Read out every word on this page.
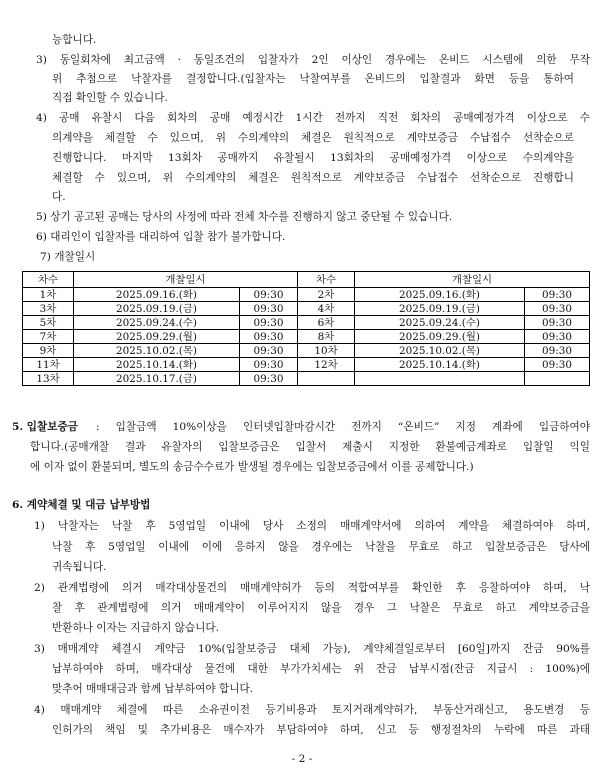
능합니다.
3) 동일회차에 최고금액 · 동일조건의 입찰자가 2인 이상인 경우에는 온비드 시스템에 의한 무작
위 추첨으로 낙찰자를 결정합니다.(입찰자는 낙찰여부를 온비드의 입찰결과 화면 등을 통하여
직접 확인할 수 있습니다.
4) 공매 유찰시 다음 회차의 공매 예정시간 1시간 전까지 직전 회차의 공매예정가격 이상으로 수
의계약을 체결할 수 있으며, 위 수의계약의 체결은 원칙적으로 계약보증금 수납접수 선착순으로
진행합니다. 마지막 13회차 공매까지 유찰될시 13회차의 공매예정가격 이상으로 수의계약을
체결할 수 있으며, 위 수의계약의 체결은 원칙적으로 계약보증금 수납접수 선착순으로 진행합니
다.
5) 상기 공고된 공매는 당사의 사정에 따라 전체 차수를 진행하지 않고 중단될 수 있습니다.
6) 대리인이 입찰자를 대리하여 입찰 참가 불가합니다.
7) 개찰일시
차수	개찰일시		차수	개찰일시	
1차	2025.09.16.(화)	09:30	2차	2025.09.16.(화)	09:30
3차	2025.09.19.(금)	09:30	4차	2025.09.19.(금)	09:30
5차	2025.09.24.(수)	09:30	6차	2025.09.24.(수)	09:30
7차	2025.09.29.(월)	09:30	8차	2025.09.29.(월)	09:30
9차	2025.10.02.(목)	09:30	10차	2025.10.02.(목)	09:30
11차	2025.10.14.(화)	09:30	12차	2025.10.14.(화)	09:30
13차	2025.10.17.(금)	09:30			
5. 입찰보증금 : 입찰금액 10%이상을 인터넷입찰마감시간 전까지 “온비드” 지정 계좌에 입금하여야
합니다.(공매개찰 결과 유찰자의 입찰보증금은 입찰서 제출시 지정한 환불예금계좌로 입찰일 익일
에 이자 없이 환불되며, 별도의 송금수수료가 발생될 경우에는 입찰보증금에서 이를 공제합니다.)
6. 계약체결 및 대금 납부방법
1) 낙찰자는 낙찰 후 5영업일 이내에 당사 소정의 매매계약서에 의하여 계약을 체결하여야 하며,
낙찰 후 5영업일 이내에 이에 응하지 않을 경우에는 낙찰을 무효로 하고 입찰보증금은 당사에
귀속됩니다.
2) 관계법령에 의거 매각대상물건의 매매계약허가 등의 적합여부를 확인한 후 응찰하여야 하며, 낙
찰 후 관계법령에 의거 매매계약이 이루어지지 않을 경우 그 낙찰은 무효로 하고 계약보증금을
반환하나 이자는 지급하지 않습니다.
3) 매매계약 체결시 계약금 10%(입찰보증금 대체 가능), 계약체결일로부터 [60일]까지 잔금 90%를
납부하여야 하며, 매각대상 물건에 대한 부가가치세는 위 잔금 납부시점(잔금 지급시 : 100%)에
맞추어 매매대금과 함께 납부하여야 합니다.
4) 매매계약 체결에 따른 소유권이전 등기비용과 토지거래계약허가, 부동산거래신고, 용도변경 등
인허가의 책임 및 추가비용은 매수자가 부담하여야 하며, 신고 등 행정절차의 누락에 따른 과태
- 2 -
